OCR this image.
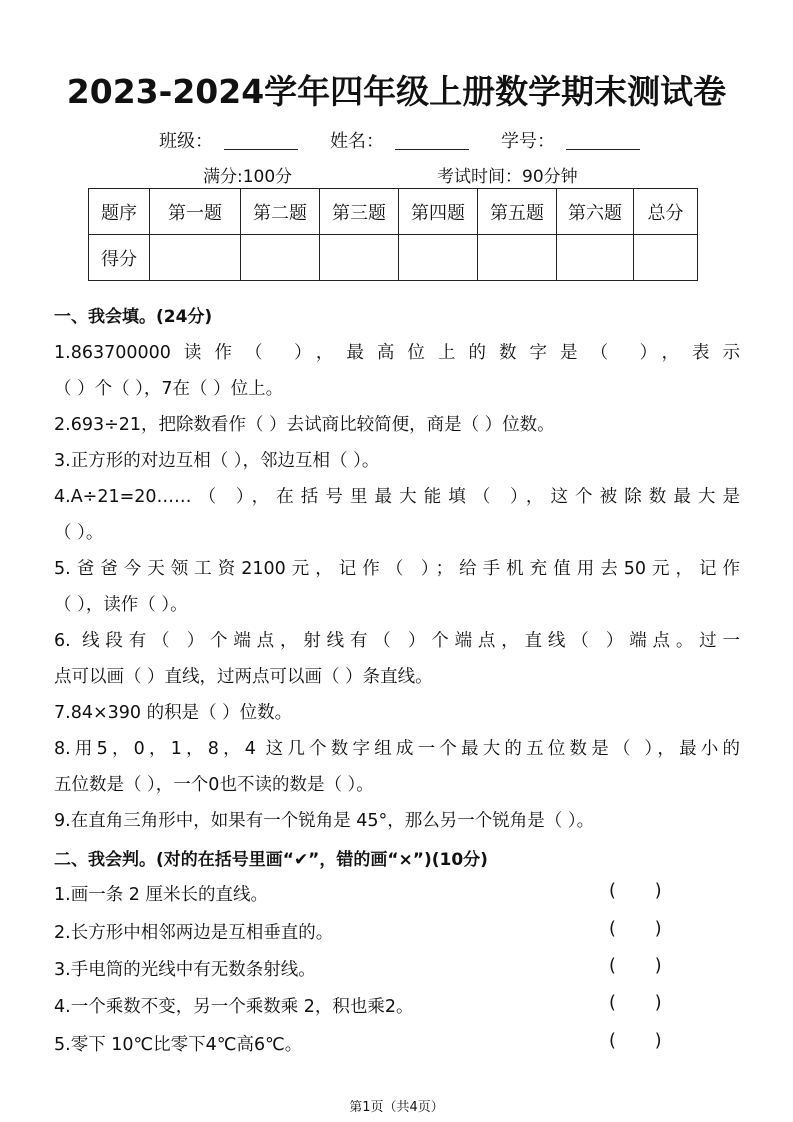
2023-2024学年四年级上册数学期末测试卷
班级：	姓名：	学号：
满分:100分	考试时间：90分钟
题序	第一题	第二题	第三题	第四题	第五题	第六题	总分
得分							
一、我会填。(24分)
1.863700000读作（ ），最高位上的数字是（ ），表示
（ ）个（ ），7在（ ）位上。
2.693÷21，把除数看作（ ）去试商比较简便，商是（ ）位数。
3.正方形的对边互相（ ），邻边互相（ ）。
4.A÷21=20……（ ），在括号里最大能填（ ），这个被除数最大是
（ ）。
5.爸爸今天领工资2100元，记作（ ）；给手机充值用去50元，记作
（ ），读作（ ）。
6. 线段有（ ）个端点，射线有（ ）个端点，直线（ ）端点。过一
点可以画（ ）直线，过两点可以画（ ）条直线。
7.84×390 的积是（ ）位数。
8.用5，0，1，8，4 这几个数字组成一个最大的五位数是（ ），最小的
五位数是（ ），一个0也不读的数是（ ）。
9.在直角三角形中，如果有一个锐角是 45°，那么另一个锐角是（ ）。
二、我会判。(对的在括号里画“✔”，错的画“×”)(10分)
1.画一条 2 厘米长的直线。	(       )
2.长方形中相邻两边是互相垂直的。	(       )
3.手电筒的光线中有无数条射线。	(       )
4.一个乘数不变，另一个乘数乘 2，积也乘2。	(       )
5.零下 10℃比零下4℃高6℃。	(       )
第1页（共4页）
